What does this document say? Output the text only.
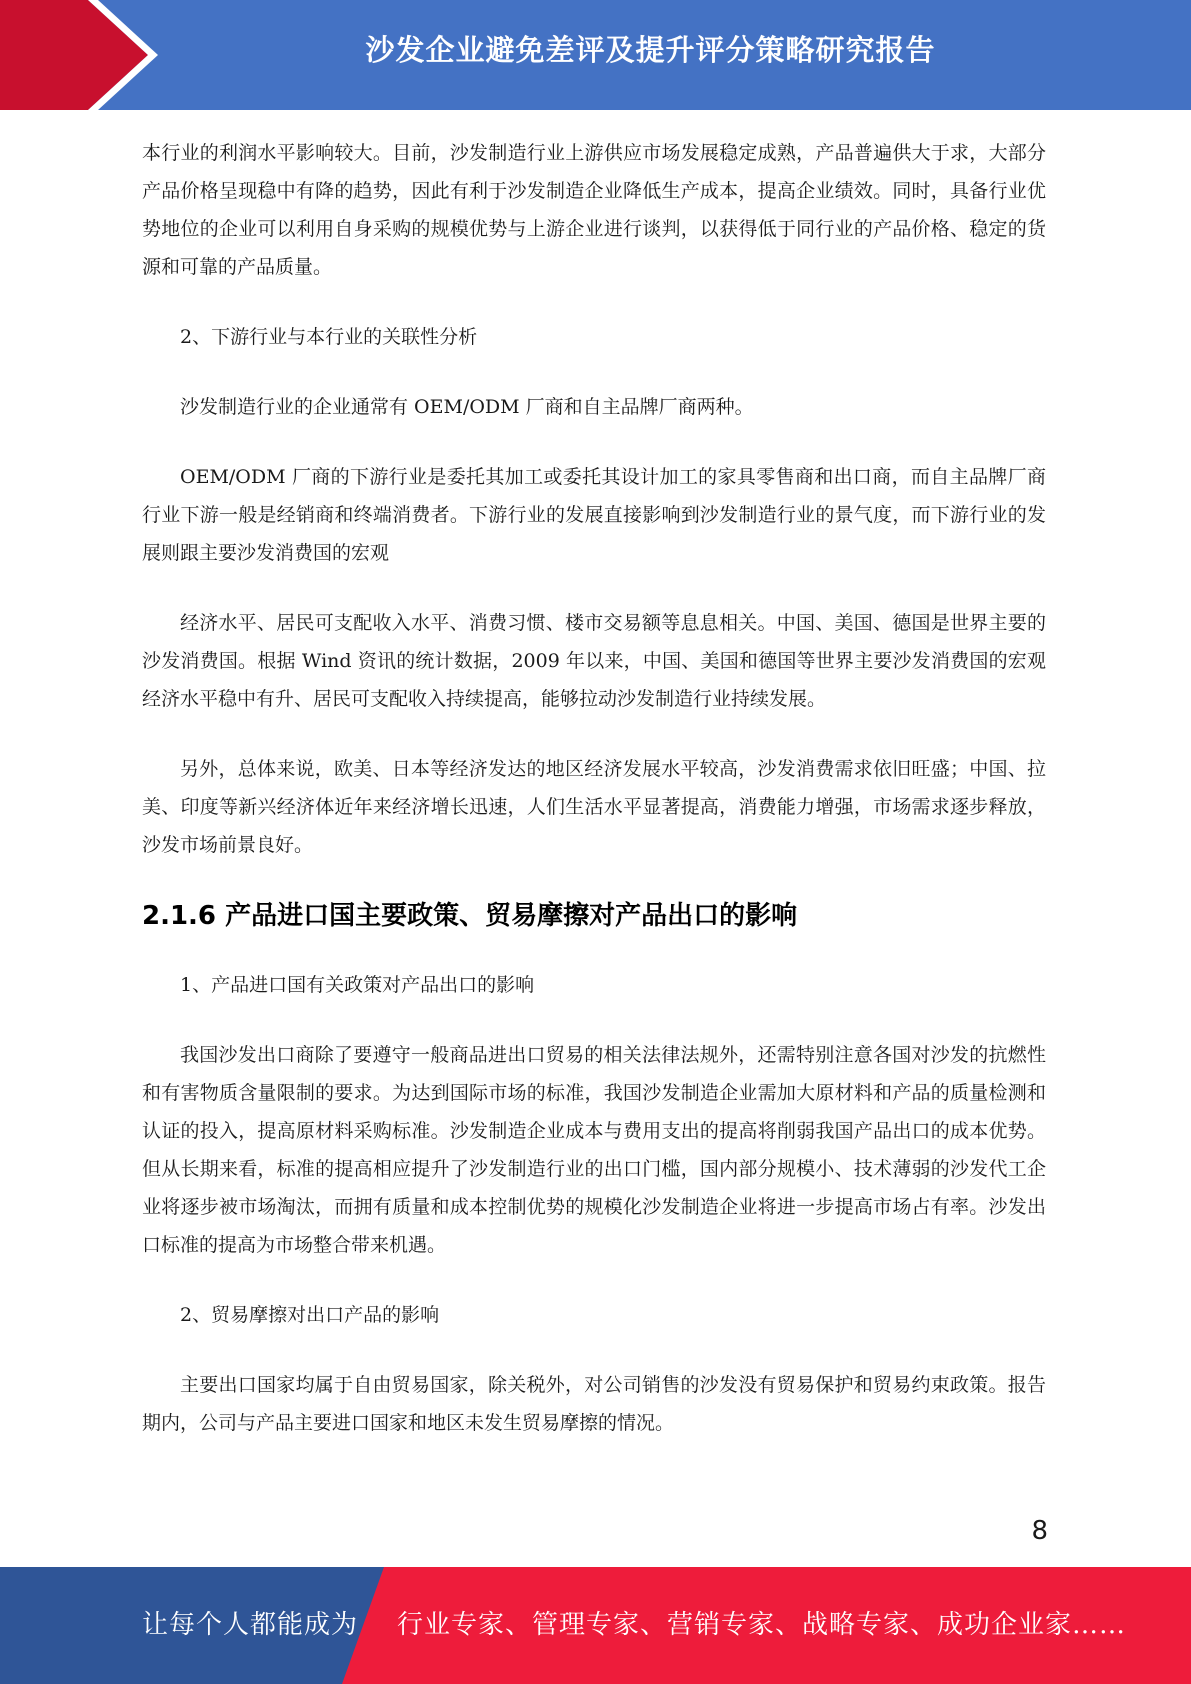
沙发企业避免差评及提升评分策略研究报告

本行业的利润水平影响较大。目前，沙发制造行业上游供应市场发展稳定成熟，产品普遍供大于求，大部分产品价格呈现稳中有降的趋势，因此有利于沙发制造企业降低生产成本，提高企业绩效。同时，具备行业优势地位的企业可以利用自身采购的规模优势与上游企业进行谈判，以获得低于同行业的产品价格、稳定的货源和可靠的产品质量。

2、下游行业与本行业的关联性分析

沙发制造行业的企业通常有 OEM/ODM 厂商和自主品牌厂商两种。

OEM/ODM 厂商的下游行业是委托其加工或委托其设计加工的家具零售商和出口商，而自主品牌厂商行业下游一般是经销商和终端消费者。下游行业的发展直接影响到沙发制造行业的景气度，而下游行业的发展则跟主要沙发消费国的宏观

经济水平、居民可支配收入水平、消费习惯、楼市交易额等息息相关。中国、美国、德国是世界主要的沙发消费国。根据 Wind 资讯的统计数据，2009 年以来，中国、美国和德国等世界主要沙发消费国的宏观经济水平稳中有升、居民可支配收入持续提高，能够拉动沙发制造行业持续发展。

另外，总体来说，欧美、日本等经济发达的地区经济发展水平较高，沙发消费需求依旧旺盛；中国、拉美、印度等新兴经济体近年来经济增长迅速，人们生活水平显著提高，消费能力增强，市场需求逐步释放，沙发市场前景良好。

2.1.6 产品进口国主要政策、贸易摩擦对产品出口的影响

1、产品进口国有关政策对产品出口的影响

我国沙发出口商除了要遵守一般商品进出口贸易的相关法律法规外，还需特别注意各国对沙发的抗燃性和有害物质含量限制的要求。为达到国际市场的标准，我国沙发制造企业需加大原材料和产品的质量检测和认证的投入，提高原材料采购标准。沙发制造企业成本与费用支出的提高将削弱我国产品出口的成本优势。但从长期来看，标准的提高相应提升了沙发制造行业的出口门槛，国内部分规模小、技术薄弱的沙发代工企业将逐步被市场淘汰，而拥有质量和成本控制优势的规模化沙发制造企业将进一步提高市场占有率。沙发出口标准的提高为市场整合带来机遇。

2、贸易摩擦对出口产品的影响

主要出口国家均属于自由贸易国家，除关税外，对公司销售的沙发没有贸易保护和贸易约束政策。报告期内，公司与产品主要进口国家和地区未发生贸易摩擦的情况。

8
让每个人都能成为 行业专家、管理专家、营销专家、战略专家、成功企业家……
